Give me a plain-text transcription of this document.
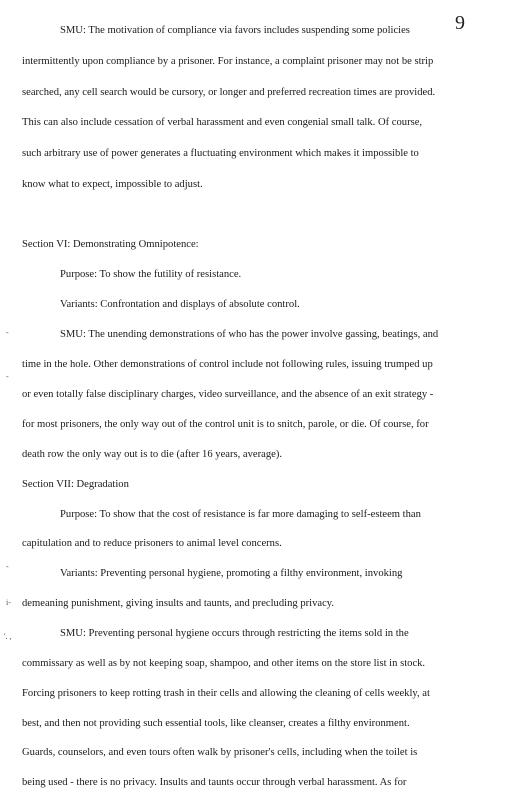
9
-
-
-
i-
'. ,
SMU: The motivation of compliance via favors includes suspending some policies
intermittently upon compliance by a prisoner. For instance, a complaint prisoner may not be strip
searched, any cell search would be cursory, or longer and preferred recreation times are provided.
This can also include cessation of verbal harassment and even congenial small talk. Of course,
such arbitrary use of power generates a fluctuating environment which makes it impossible to
know what to expect, impossible to adjust.
Section VI: Demonstrating Omnipotence:
Purpose: To show the futility of resistance.
Variants: Confrontation and displays of absolute control.
SMU: The unending demonstrations of who has the power involve gassing, beatings, and
time in the hole. Other demonstrations of control include not following rules, issuing trumped up
or even totally false disciplinary charges, video surveillance, and the absence of an exit strategy -
for most prisoners, the only way out of the control unit is to snitch, parole, or die. Of course, for
death row the only way out is to die (after 16 years, average).
Section VII: Degradation
Purpose: To show that the cost of resistance is far more damaging to self-esteem than
capitulation and to reduce prisoners to animal level concerns.
Variants: Preventing personal hygiene, promoting a filthy environment, invoking
demeaning punishment, giving insults and taunts, and precluding privacy.
SMU: Preventing personal hygiene occurs through restricting the items sold in the
commissary as well as by not keeping soap, shampoo, and other items on the store list in stock.
Forcing prisoners to keep rotting trash in their cells and allowing the cleaning of cells weekly, at
best, and then not providing such essential tools, like cleanser, creates a filthy environment.
Guards, counselors, and even tours often walk by prisoner's cells, including when the toilet is
being used - there is no privacy. Insults and taunts occur through verbal harassment. As for
